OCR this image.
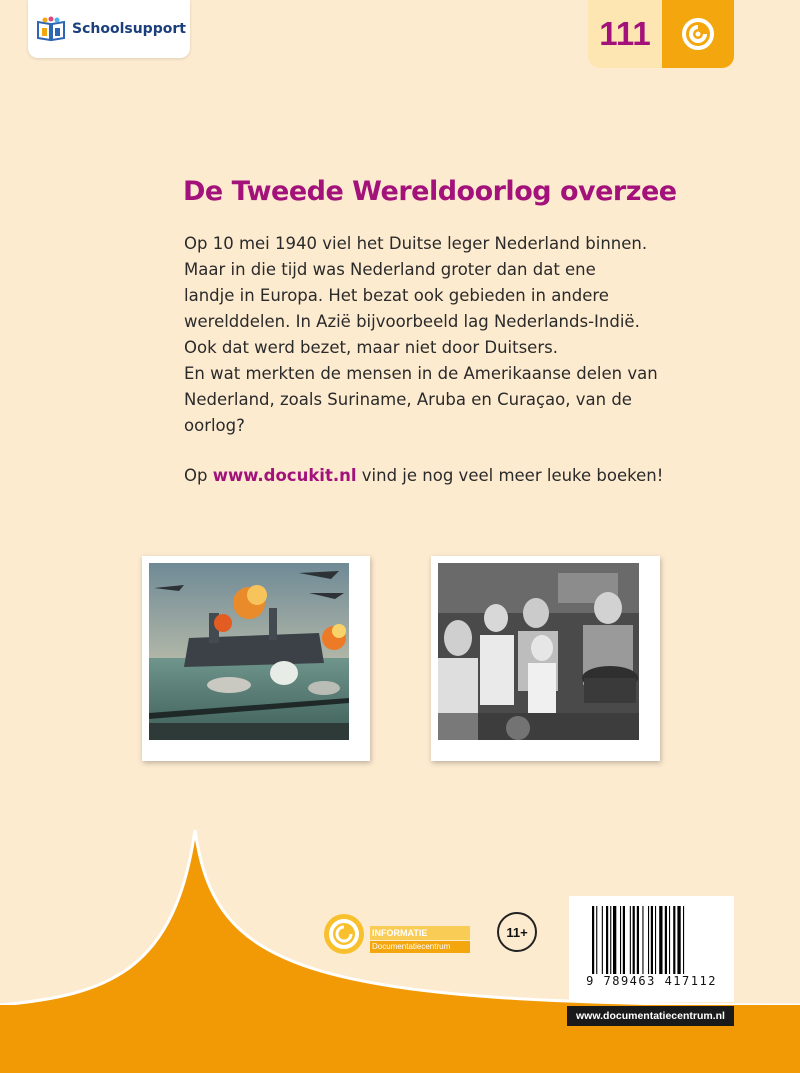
Schoolsupport	111
De Tweede Wereldoorlog overzee

Op 10 mei 1940 viel het Duitse leger Nederland binnen.

Maar in die tijd was Nederland groter dan dat ene

landje in Europa. Het bezat ook gebieden in andere

werelddelen. In Azië bijvoorbeeld lag Nederlands-Indië.

Ook dat werd bezet, maar niet door Duitsers.

En wat merkten de mensen in de Amerikaanse delen van

Nederland, zoals Suriname, Aruba en Curaçao, van de

oorlog?

Op www.docukit.nl vind je nog veel meer leuke boeken!

INFORMATIE
Documentatiecentrum
11+
9 789463 417112
www.documentatiecentrum.nl
